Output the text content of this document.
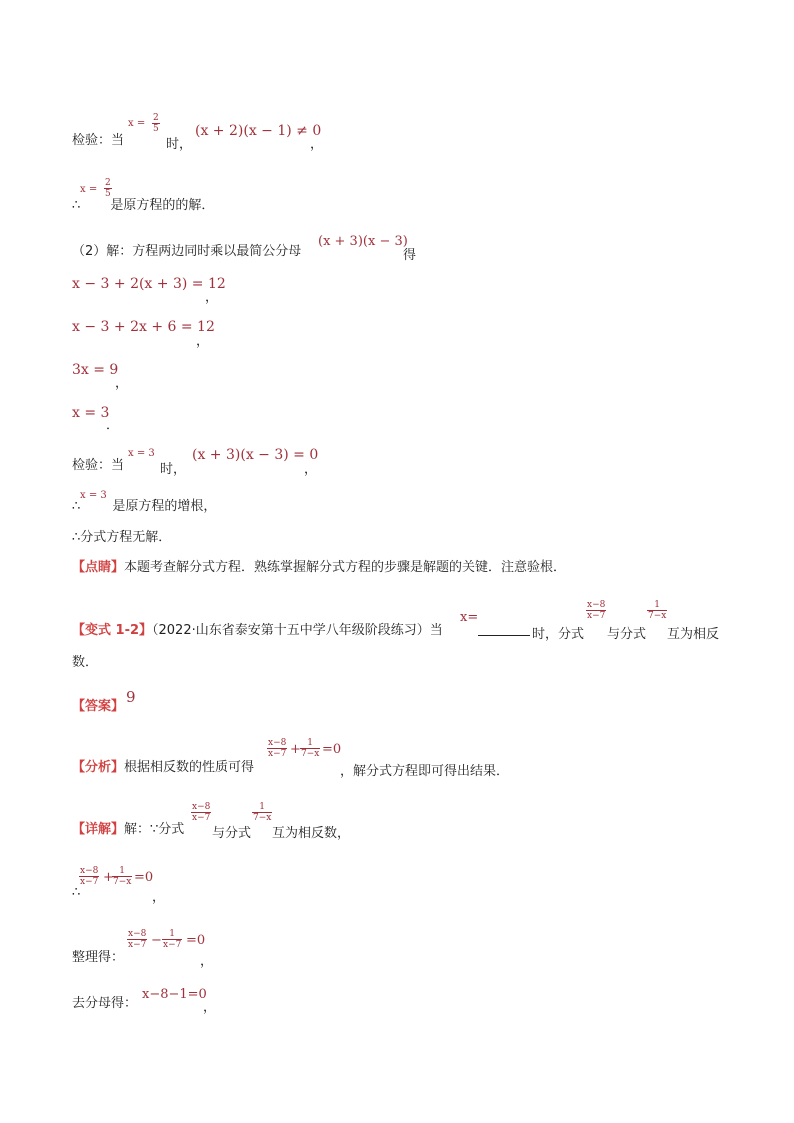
检验：当
$x = \frac{2}{5}$
时，
(x + 2)(x − 1) ≠ 0
，
$x = \frac{2}{5}$
∴ 是原方程的的解．
（2）解：方程两边同时乘以最简公分母
(x + 3)(x − 3)
得
x − 3 + 2(x + 3) = 12
，
x − 3 + 2x + 6 = 12
，
3x = 9
，
x = 3
．
检验：当
x = 3
时，
(x + 3)(x − 3) = 0
，
x = 3
∴ 是原方程的增根，
∴分式方程无解．
【点睛】本题考查解分式方程．熟练掌握解分式方程的步骤是解题的关键．注意验根．
【变式 1-2】（2022·山东省泰安第十五中学八年级阶段练习）当
x=
时，分式
$\frac{x-8}{x-7}$
与分式
$\frac{1}{7-x}$
互为相反
数．
【答案】
9
【分析】根据相反数的性质可得
$\frac{x-8}{x-7} + \frac{1}{7-x} =0$
，解分式方程即可得出结果．
【详解】解：∵分式
$\frac{x-8}{x-7}$
与分式
$\frac{1}{7-x}$
互为相反数，
$\frac{x-8}{x-7}$ +
$\frac{1}{7-x} =0$
，
∴
$\frac{x-8}{x-7} - \frac{1}{x-7} =0$
整理得：	，
去分母得：
x−8−1=0
，
